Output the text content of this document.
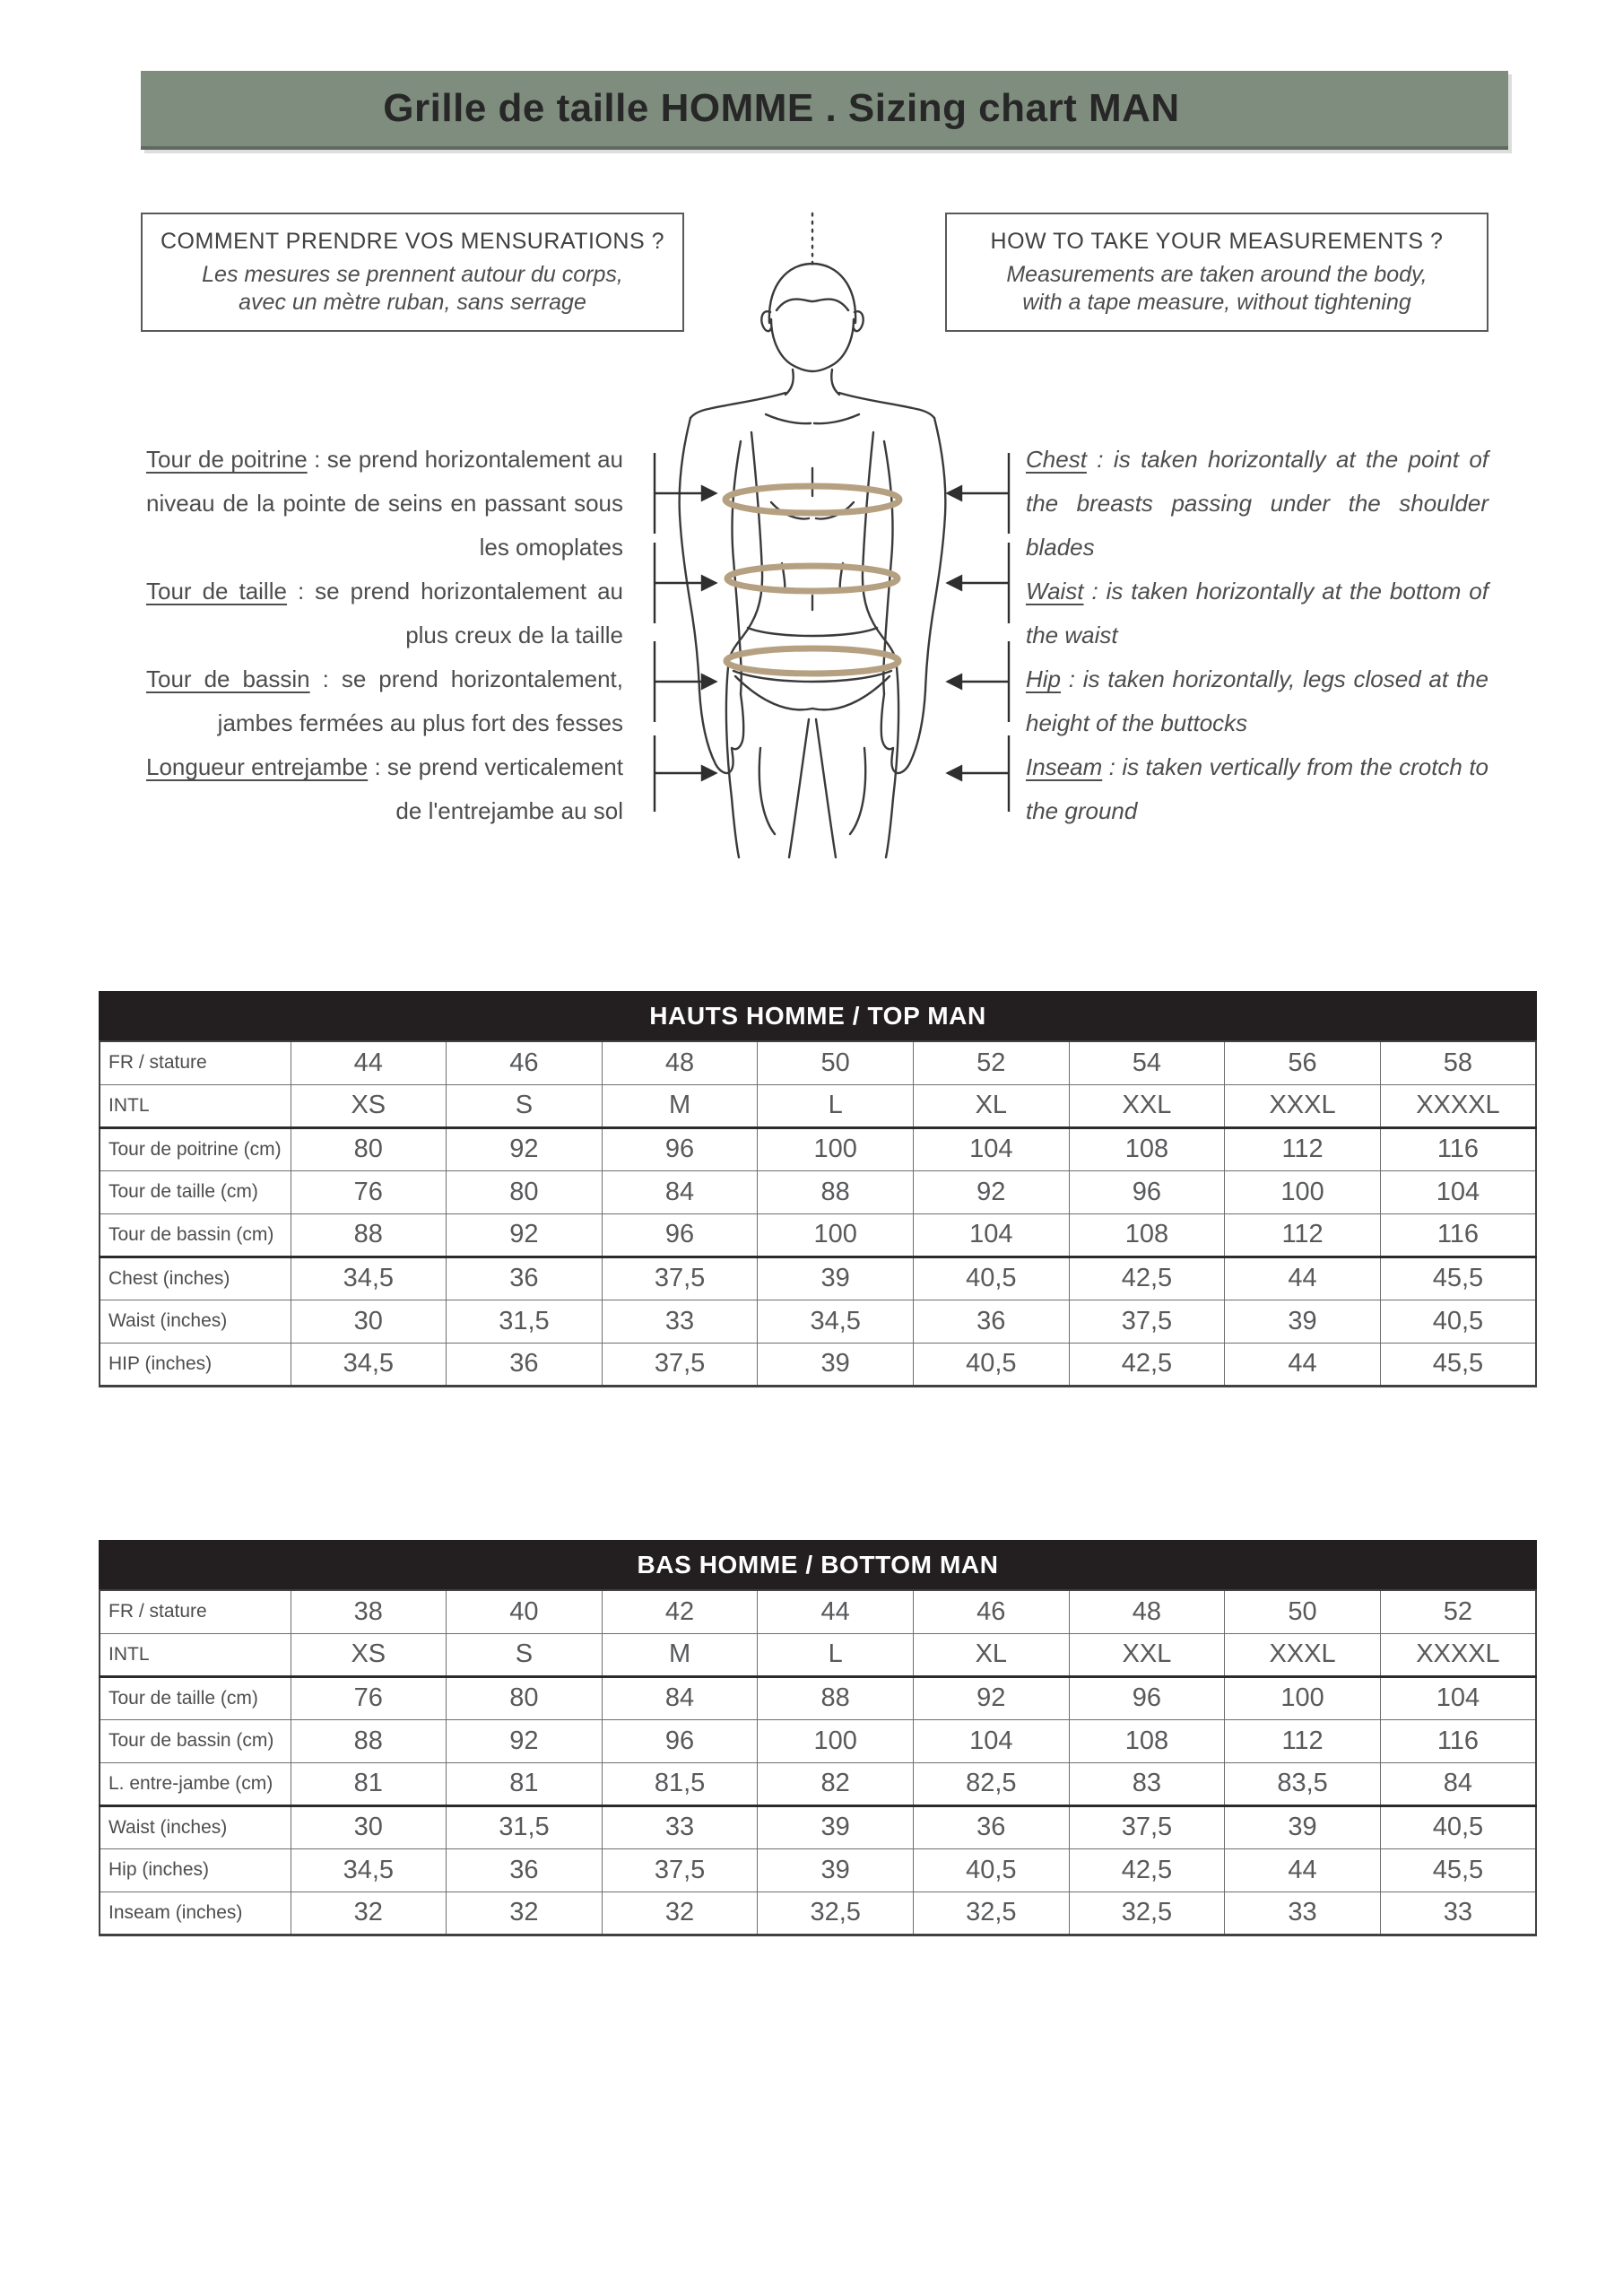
Grille de taille HOMME . Sizing chart MAN
COMMENT PRENDRE VOS MENSURATIONS ?
Les mesures se prennent autour du corps,
avec un mètre ruban, sans serrage
HOW TO TAKE YOUR MEASUREMENTS ?
Measurements are taken around the body,
with a tape measure, without tightening

Tour de poitrine : se prend horizontalement au niveau de la pointe de seins en passant sous les omoplates

Tour de taille : se prend horizontalement au plus creux de la taille

Tour de bassin : se prend horizontalement, jambes fermées au plus fort des fesses

Longueur entrejambe : se prend verticalement de l'entrejambe au sol

Chest : is taken horizontally at the point of the breasts passing under the shoulder blades

Waist : is taken horizontally at the bottom of the waist

Hip : is taken horizontally, legs closed at the height of the buttocks

Inseam : is taken vertically from the crotch to the ground

HAUTS HOMME / TOP MAN
FR / stature	44	46	48	50	52	54	56	58
INTL	XS	S	M	L	XL	XXL	XXXL	XXXXL
Tour de poitrine (cm)	80	92	96	100	104	108	112	116
Tour de taille (cm)	76	80	84	88	92	96	100	104
Tour de bassin (cm)	88	92	96	100	104	108	112	116
Chest (inches)	34,5	36	37,5	39	40,5	42,5	44	45,5
Waist (inches)	30	31,5	33	34,5	36	37,5	39	40,5
HIP (inches)	34,5	36	37,5	39	40,5	42,5	44	45,5
BAS HOMME / BOTTOM MAN
FR / stature	38	40	42	44	46	48	50	52
INTL	XS	S	M	L	XL	XXL	XXXL	XXXXL
Tour de taille (cm)	76	80	84	88	92	96	100	104
Tour de bassin (cm)	88	92	96	100	104	108	112	116
L. entre-jambe (cm)	81	81	81,5	82	82,5	83	83,5	84
Waist (inches)	30	31,5	33	39	36	37,5	39	40,5
Hip (inches)	34,5	36	37,5	39	40,5	42,5	44	45,5
Inseam (inches)	32	32	32	32,5	32,5	32,5	33	33
